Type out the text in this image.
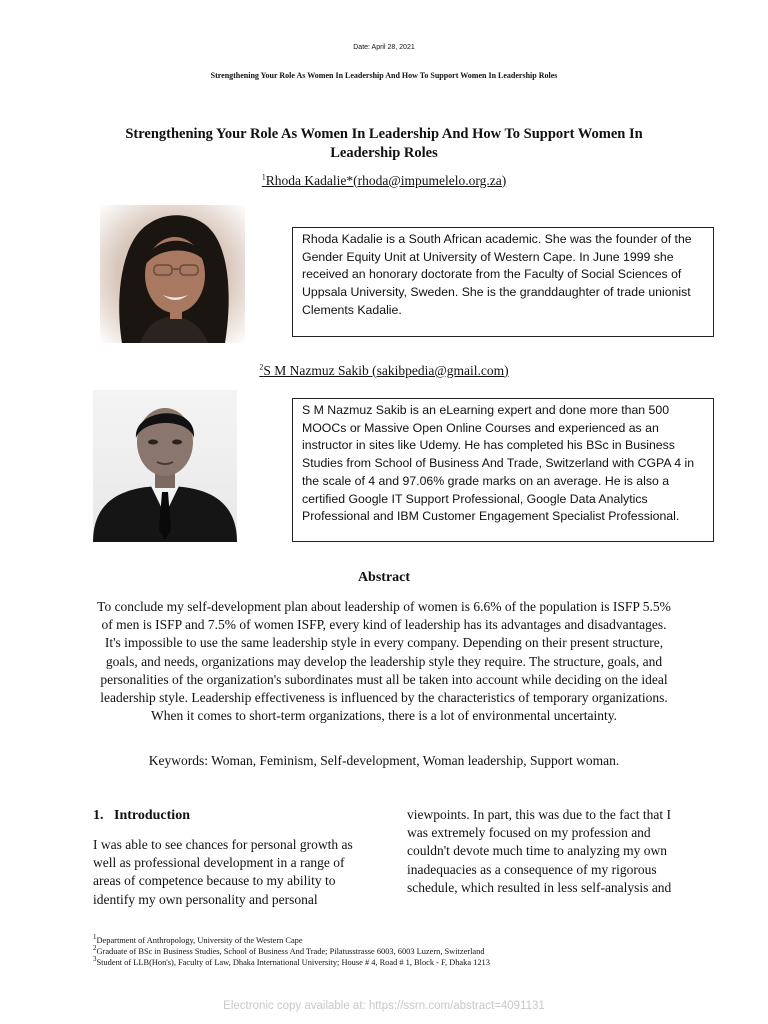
Date: April 28, 2021
Strengthening Your Role As Women In Leadership And How To Support Women In Leadership Roles
Strengthening Your Role As Women In Leadership And How To Support Women In Leadership Roles
$^1$Rhoda Kadalie*(rhoda@impumelelo.org.za)
Rhoda Kadalie is a South African academic. She was the founder of the Gender Equity Unit at University of Western Cape. In June 1999 she received an honorary doctorate from the Faculty of Social Sciences of Uppsala University, Sweden. She is the granddaughter of trade unionist Clements Kadalie.
$^2$S M Nazmuz Sakib (sakibpedia@gmail.com)
S M Nazmuz Sakib is an eLearning expert and done more than 500 MOOCs or Massive Open Online Courses and experienced as an instructor in sites like Udemy. He has completed his BSc in Business Studies from School of Business And Trade, Switzerland with CGPA 4 in the scale of 4 and 97.06% grade marks on an average. He is also a certified Google IT Support Professional, Google Data Analytics Professional and IBM Customer Engagement Specialist Professional.
Abstract
To conclude my self-development plan about leadership of women is 6.6% of the population is ISFP 5.5% of men is ISFP and 7.5% of women ISFP, every kind of leadership has its advantages and disadvantages. It's impossible to use the same leadership style in every company. Depending on their present structure, goals, and needs, organizations may develop the leadership style they require. The structure, goals, and personalities of the organization's subordinates must all be taken into account while deciding on the ideal leadership style. Leadership effectiveness is influenced by the characteristics of temporary organizations. When it comes to short-term organizations, there is a lot of environmental uncertainty.
Keywords: Woman, Feminism, Self-development, Woman leadership, Support woman.
1.   Introduction
I was able to see chances for personal growth as well as professional development in a range of areas of competence because to my ability to identify my own personality and personal
viewpoints. In part, this was due to the fact that I was extremely focused on my profession and couldn't devote much time to analyzing my own inadequacies as a consequence of my rigorous schedule, which resulted in less self-analysis and
$^1$Department of Anthropology, University of the Western Cape
$^2$Graduate of BSc in Business Studies, School of Business And Trade; Pilatusstrasse 6003, 6003 Luzern, Switzerland
$^3$Student of LLB(Hon's), Faculty of Law, Dhaka International University; House # 4, Road # 1, Block - F, Dhaka 1213
Electronic copy available at: https://ssrn.com/abstract=4091131
